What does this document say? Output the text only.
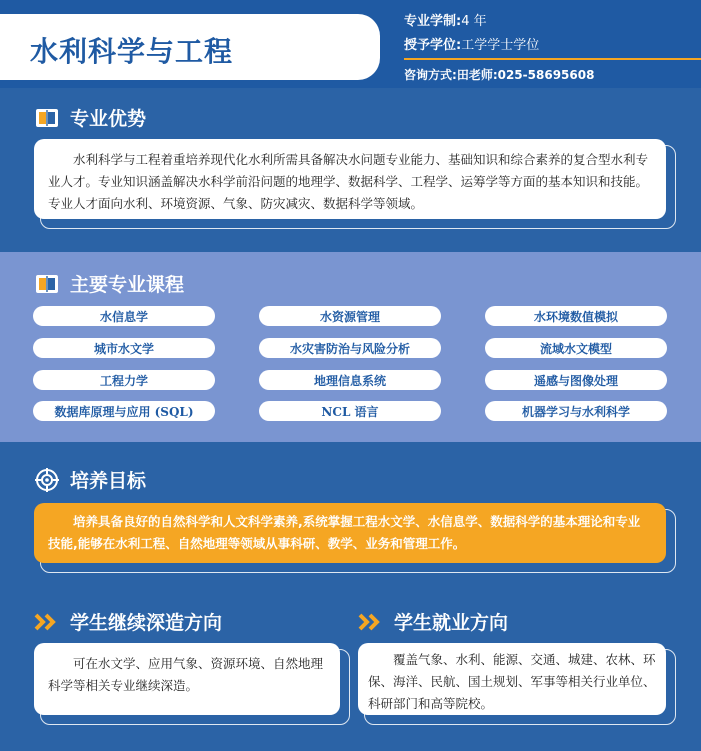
水利科学与工程
专业学制:4 年
授予学位:工学学士学位
咨询方式:田老师:025-58695608
专业优势
水利科学与工程着重培养现代化水利所需具备解决水问题专业能力、基础知识和综合素养的复合型水利专业人才。专业知识涵盖解决水科学前沿问题的地理学、数据科学、工程学、运筹学等方面的基本知识和技能。专业人才面向水利、环境资源、气象、防灾减灾、数据科学等领域。
主要专业课程
水信息学	水资源管理	水环境数值模拟
城市水文学	水灾害防治与风险分析	流域水文模型
工程力学	地理信息系统	遥感与图像处理
数据库原理与应用 (SQL)	NCL 语言	机器学习与水利科学
培养目标
培养具备良好的自然科学和人文科学素养,系统掌握工程水文学、水信息学、数据科学的基本理论和专业技能,能够在水利工程、自然地理等领域从事科研、教学、业务和管理工作。
学生继续深造方向
可在水文学、应用气象、资源环境、自然地理科学等相关专业继续深造。
学生就业方向
覆盖气象、水利、能源、交通、城建、农林、环保、海洋、民航、国土规划、军事等相关行业单位、科研部门和高等院校。
